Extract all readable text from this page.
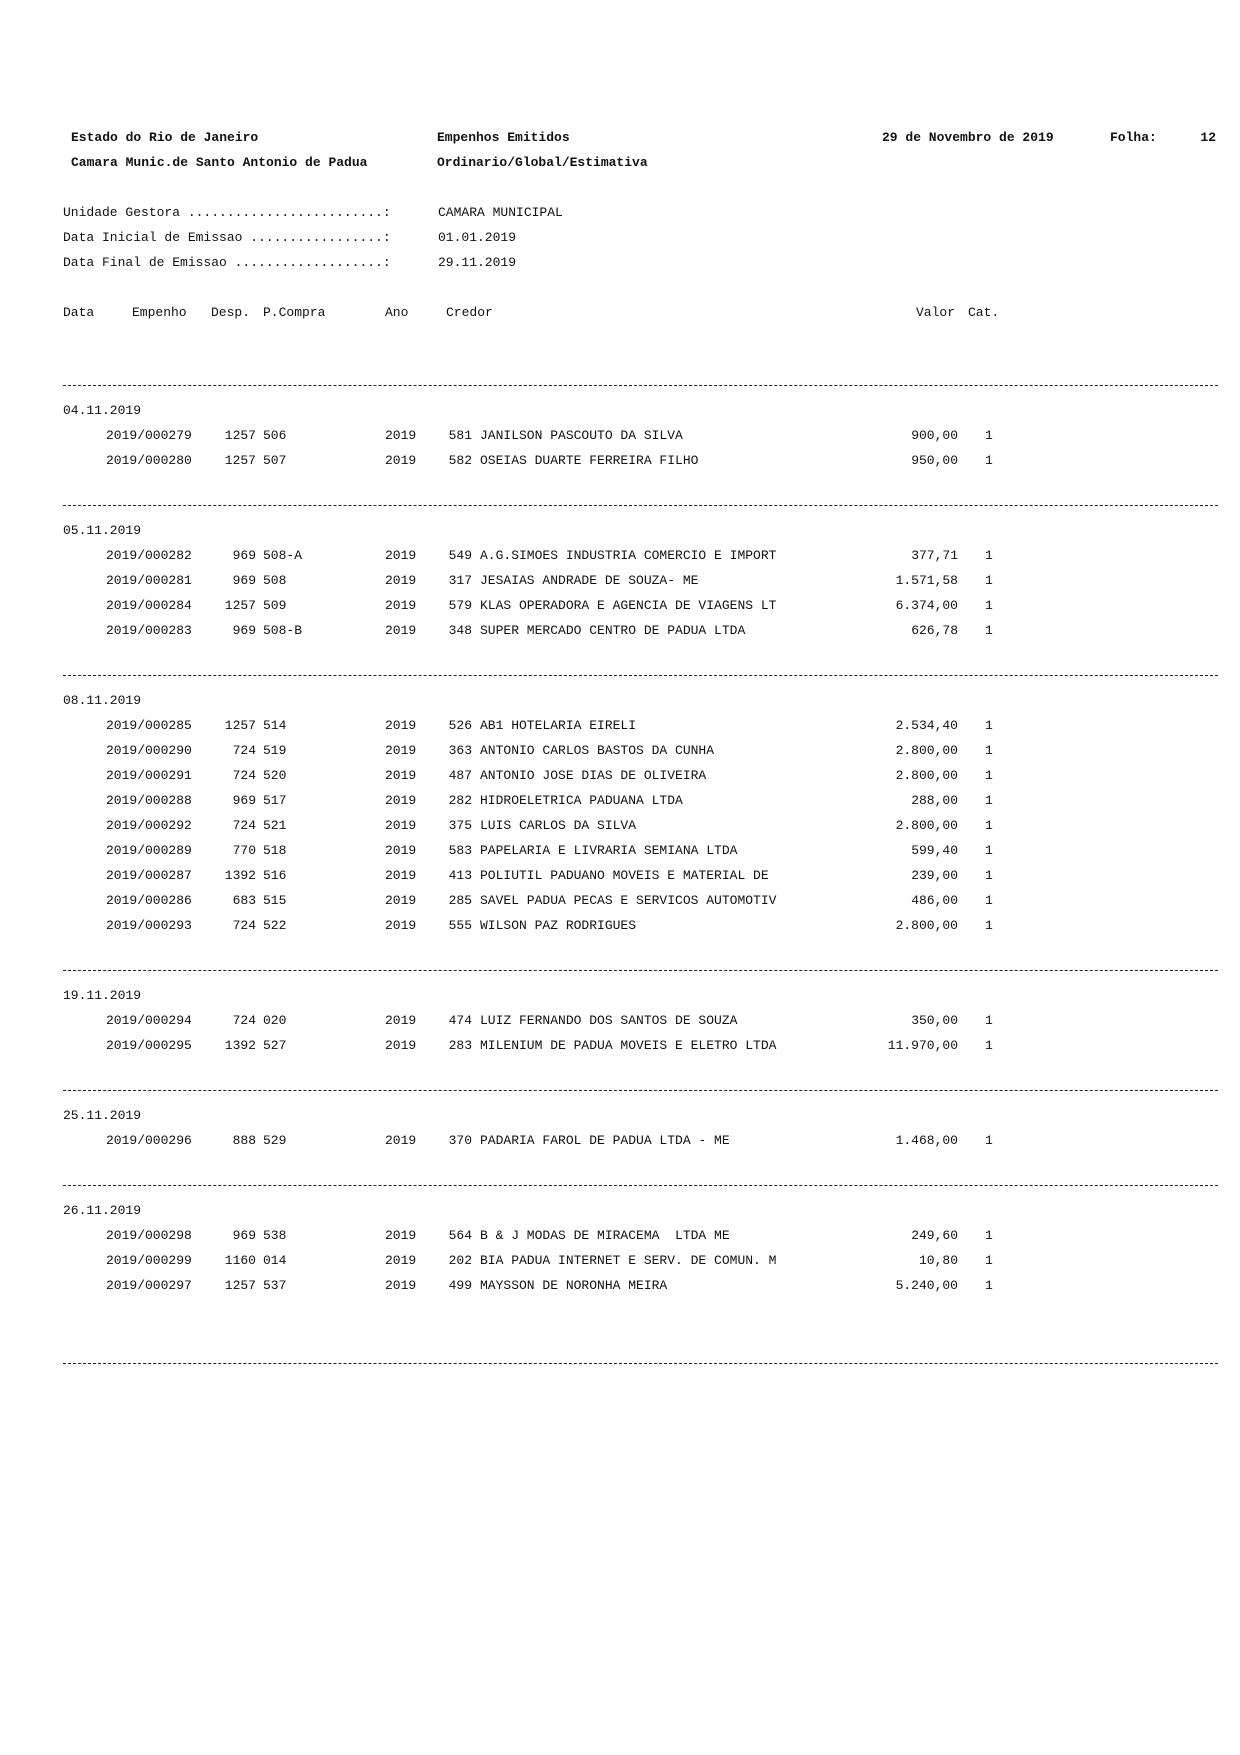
Estado do Rio de Janeiro
Camara Munic.de Santo Antonio de Padua
Empenhos Emitidos
Ordinario/Global/Estimativa
29 de Novembro de 2019	Folha:	12
Unidade Gestora .........................:	CAMARA MUNICIPAL
Data Inicial de Emissao .................:	01.01.2019
Data Final de Emissao ...................:	29.11.2019
Data	Empenho Desp. P.Compra	Ano	Credor	Valor Cat.
04.11.2019
2019/000279	1257 506	2019	581 JANILSON PASCOUTO DA SILVA	900,00 1
2019/000280	1257 507	2019	582 OSEIAS DUARTE FERREIRA FILHO	950,00 1
05.11.2019
2019/000282	969 508-A	2019	549 A.G.SIMOES INDUSTRIA COMERCIO E IMPORT	377,71 1
2019/000281	969 508	2019	317 JESAIAS ANDRADE DE SOUZA- ME	1.571,58 1
2019/000284	1257 509	2019	579 KLAS OPERADORA E AGENCIA DE VIAGENS LT	6.374,00 1
2019/000283	969 508-B	2019	348 SUPER MERCADO CENTRO DE PADUA LTDA	626,78 1
08.11.2019
2019/000285	1257 514	2019	526 AB1 HOTELARIA EIRELI	2.534,40 1
2019/000290	724 519	2019	363 ANTONIO CARLOS BASTOS DA CUNHA	2.800,00 1
2019/000291	724 520	2019	487 ANTONIO JOSE DIAS DE OLIVEIRA	2.800,00 1
2019/000288	969 517	2019	282 HIDROELETRICA PADUANA LTDA	288,00 1
2019/000292	724 521	2019	375 LUIS CARLOS DA SILVA	2.800,00 1
2019/000289	770 518	2019	583 PAPELARIA E LIVRARIA SEMIANA LTDA	599,40 1
2019/000287	1392 516	2019	413 POLIUTIL PADUANO MOVEIS E MATERIAL DE	239,00 1
2019/000286	683 515	2019	285 SAVEL PADUA PECAS E SERVICOS AUTOMOTIV	486,00 1
2019/000293	724 522	2019	555 WILSON PAZ RODRIGUES	2.800,00 1
19.11.2019
2019/000294	724 020	2019	474 LUIZ FERNANDO DOS SANTOS DE SOUZA	350,00 1
2019/000295	1392 527	2019	283 MILENIUM DE PADUA MOVEIS E ELETRO LTDA	11.970,00 1
25.11.2019
2019/000296	888 529	2019	370 PADARIA FAROL DE PADUA LTDA - ME	1.468,00 1
26.11.2019
2019/000298	969 538	2019	564 B & J MODAS DE MIRACEMA  LTDA ME	249,60 1
2019/000299	1160 014	2019	202 BIA PADUA INTERNET E SERV. DE COMUN. M	10,80 1
2019/000297	1257 537	2019	499 MAYSSON DE NORONHA MEIRA	5.240,00 1
